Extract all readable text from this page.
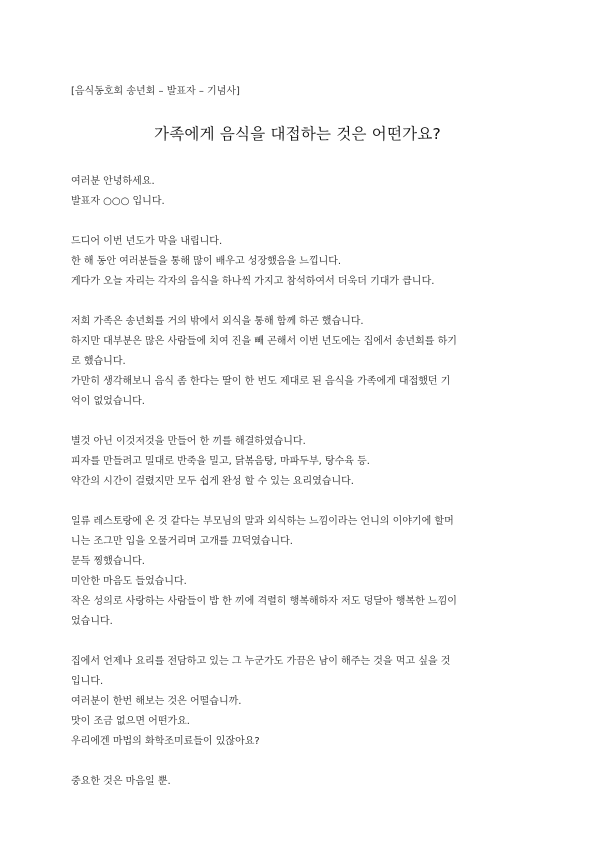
[음식동호회 송년회 – 발표자 – 기념사]
가족에게 음식을 대접하는 것은 어떤가요?
여러분 안녕하세요.
발표자 ○○○ 입니다.
드디어 이번 년도가 막을 내립니다.
한 해 동안 여러분들을 통해 많이 배우고 성장했음을 느낍니다.
게다가 오늘 자리는 각자의 음식을 하나씩 가지고 참석하여서 더욱더 기대가 큽니다.
저희 가족은 송년회를 거의 밖에서 외식을 통해 함께 하곤 했습니다.
하지만 대부분은 많은 사람들에 치여 진을 빼 곤해서 이번 년도에는 집에서 송년회를 하기
로 했습니다.
가만히 생각해보니 음식 좀 한다는 딸이 한 번도 제대로 된 음식을 가족에게 대접했던 기
억이 없었습니다.
별것 아닌 이것저것을 만들어 한 끼를 해결하였습니다.
피자를 만들려고 밀대로 반죽을 밀고, 닭볶음탕, 마파두부, 탕수육 등.
약간의 시간이 걸렸지만 모두 쉽게 완성 할 수 있는 요리였습니다.
일류 레스토랑에 온 것 같다는 부모님의 말과 외식하는 느낌이라는 언니의 이야기에 할머
니는 조그만 입을 오물거리며 고개를 끄덕였습니다.
문득 찡했습니다.
미안한 마음도 들었습니다.
작은 성의로 사랑하는 사람들이 밥 한 끼에 격렬히 행복해하자 저도 덩달아 행복한 느낌이
었습니다.
집에서 언제나 요리를 전담하고 있는 그 누군가도 가끔은 남이 해주는 것을 먹고 싶을 것
입니다.
여러분이 한번 해보는 것은 어떨습니까.
맛이 조금 없으면 어떤가요.
우리에겐 마법의 화학조미료들이 있잖아요?
중요한 것은 마음일 뿐.
